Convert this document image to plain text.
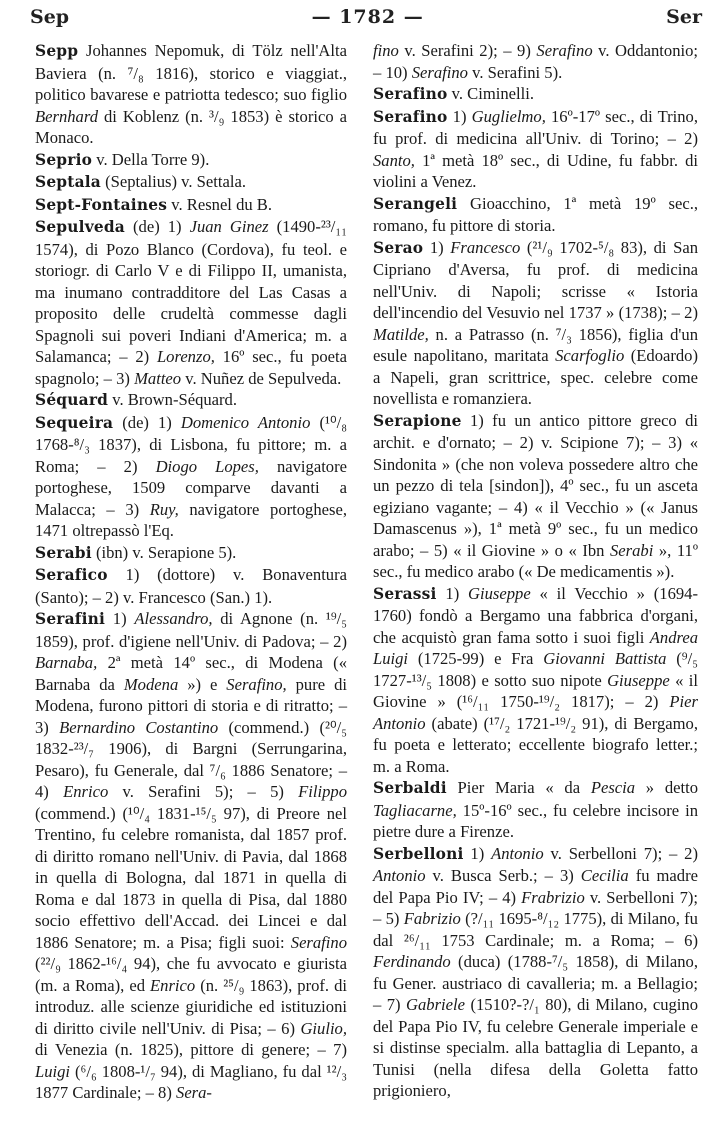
Sep	— 1782 —	Ser

Sepp Johannes Nepomuk, di Tölz nell'Alta Baviera (n. ⁷/₈ 1816), storico e viaggiat., politico bavarese e patriotta tedesco; suo figlio Bernhard di Koblenz (n. ³/₉ 1853) è storico a Monaco.

Seprio v. Della Torre 9).

Septala (Septalius) v. Settala.

Sept-Fontaines v. Resnel du B.

Sepulveda (de) 1) Juan Ginez (1490-²³/₁₁ 1574), di Pozo Blanco (Cordova), fu teol. e storiogr. di Carlo V e di Filippo II, umanista, ma inumano contradditore del Las Casas a proposito delle crudeltà commesse dagli Spagnoli sui poveri Indiani d'America; m. a Salamanca; – 2) Lorenzo, 16º sec., fu poeta spagnolo; – 3) Matteo v. Nuñez de Sepulveda.

Séquard v. Brown-Séquard.

Sequeira (de) 1) Domenico Antonio (¹⁰/₈ 1768-⁸/₃ 1837), di Lisbona, fu pittore; m. a Roma; – 2) Diogo Lopes, navigatore portoghese, 1509 comparve davanti a Malacca; – 3) Ruy, navigatore portoghese, 1471 oltrepassò l'Eq.

Serabi (ibn) v. Serapione 5).

Serafico 1) (dottore) v. Bonaventura (Santo); – 2) v. Francesco (San.) 1).

Serafini 1) Alessandro, di Agnone (n. ¹⁹/₅ 1859), prof. d'igiene nell'Univ. di Padova; – 2) Barnaba, 2ª metà 14º sec., di Modena (« Barnaba da Modena ») e Serafino, pure di Modena, furono pittori di storia e di ritratto; – 3) Bernardino Costantino (commend.) (²⁰/₅ 1832-²³/₇ 1906), di Bargni (Serrungarina, Pesaro), fu Generale, dal ⁷/₆ 1886 Senatore; – 4) Enrico v. Serafini 5); – 5) Filippo (commend.) (¹⁰/₄ 1831-¹⁵/₅ 97), di Preore nel Trentino, fu celebre romanista, dal 1857 prof. di diritto romano nell'Univ. di Pavia, dal 1868 in quella di Bologna, dal 1871 in quella di Roma e dal 1873 in quella di Pisa, dal 1880 socio effettivo dell'Accad. dei Lincei e dal 1886 Senatore; m. a Pisa; figli suoi: Serafino (²²/₉ 1862-¹⁶/₄ 94), che fu avvocato e giurista (m. a Roma), ed Enrico (n. ²⁵/₉ 1863), prof. di introduz. alle scienze giuridiche ed istituzioni di diritto civile nell'Univ. di Pisa; – 6) Giulio, di Venezia (n. 1825), pittore di genere; – 7) Luigi (⁶/₆ 1808-¹/₇ 94), di Magliano, fu dal ¹²/₃ 1877 Cardinale; – 8) Sera-

fino v. Serafini 2); – 9) Serafino v. Oddantonio; – 10) Serafino v. Serafini 5).

Serafino v. Ciminelli.

Serafino 1) Guglielmo, 16º-17º sec., di Trino, fu prof. di medicina all'Univ. di Torino; – 2) Santo, 1ª metà 18º sec., di Udine, fu fabbr. di violini a Venez.

Serangeli Gioacchino, 1ª metà 19º sec., romano, fu pittore di storia.

Serao 1) Francesco (²¹/₉ 1702-⁵/₈ 83), di San Cipriano d'Aversa, fu prof. di medicina nell'Univ. di Napoli; scrisse « Istoria dell'incendio del Vesuvio nel 1737 » (1738); – 2) Matilde, n. a Patrasso (n. ⁷/₃ 1856), figlia d'un esule napolitano, maritata Scarfoglio (Edoardo) a Napeli, gran scrittrice, spec. celebre come novellista e romanziera.

Serapione 1) fu un antico pittore greco di archit. e d'ornato; – 2) v. Scipione 7); – 3) « Sindonita » (che non voleva possedere altro che un pezzo di tela [sindon]), 4º sec., fu un asceta egiziano vagante; – 4) « il Vecchio » (« Janus Damascenus »), 1ª metà 9º sec., fu un medico arabo; – 5) « il Giovine » o « Ibn Serabi », 11º sec., fu medico arabo (« De medicamentis »).

Serassi 1) Giuseppe « il Vecchio » (1694-1760) fondò a Bergamo una fabbrica d'organi, che acquistò gran fama sotto i suoi figli Andrea Luigi (1725-99) e Fra Giovanni Battista (⁹/₅ 1727-¹³/₅ 1808) e sotto suo nipote Giuseppe « il Giovine » (¹⁶/₁₁ 1750-¹⁹/₂ 1817); – 2) Pier Antonio (abate) (¹⁷/₂ 1721-¹⁹/₂ 91), di Bergamo, fu poeta e letterato; eccellente biografo letter.; m. a Roma.

Serbaldi Pier Maria « da Pescia » detto Tagliacarne, 15º-16º sec., fu celebre incisore in pietre dure a Firenze.

Serbelloni 1) Antonio v. Serbelloni 7); – 2) Antonio v. Busca Serb.; – 3) Cecilia fu madre del Papa Pio IV; – 4) Frabrizio v. Serbelloni 7); – 5) Fabrizio (?/₁₁ 1695-⁸/₁₂ 1775), di Milano, fu dal ²⁶/₁₁ 1753 Cardinale; m. a Roma; – 6) Ferdinando (duca) (1788-⁷/₅ 1858), di Milano, fu Gener. austriaco di cavalleria; m. a Bellagio; – 7) Gabriele (1510?-?/₁ 80), di Milano, cugino del Papa Pio IV, fu celebre Generale imperiale e si distinse specialm. alla battaglia di Lepanto, a Tunisi (nella difesa della Goletta fatto prigioniero,
